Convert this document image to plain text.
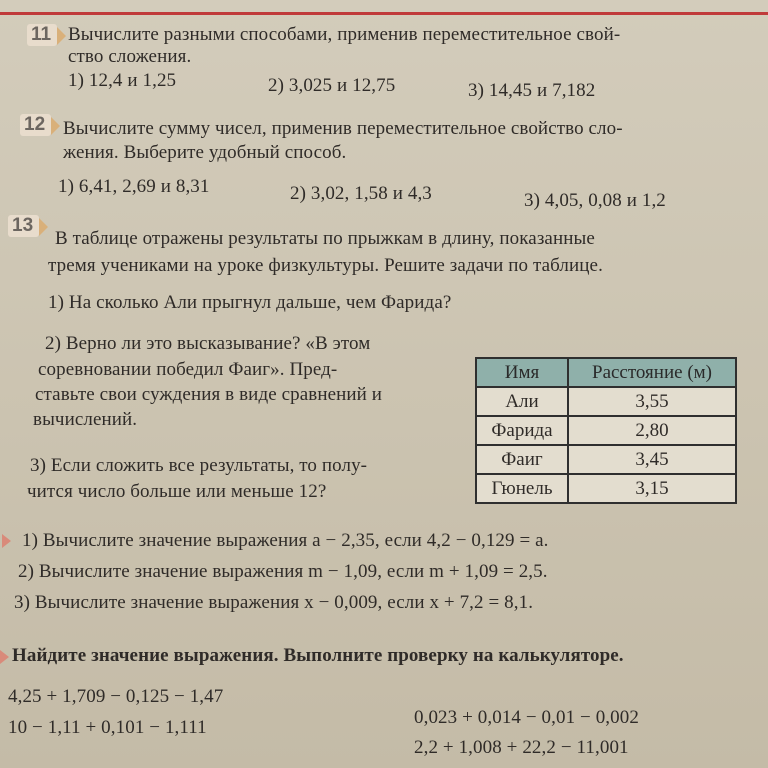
11 Вычислите разными способами, применив переместительное свой-
ство сложения.
1) 12,4 и 1,25	2) 3,025 и 12,75	3) 14,45 и 7,182
12 Вычислите сумму чисел, применив переместительное свойство сло-
жения. Выберите удобный способ.
1) 6,41, 2,69 и 8,31	2) 3,02, 1,58 и 4,3	3) 4,05, 0,08 и 1,2
13
В таблице отражены результаты по прыжкам в длину, показанные
тремя учениками на уроке физкультуры. Решите задачи по таблице.
1) На сколько Али прыгнул дальше, чем Фарида?
2) Верно ли это высказывание? «В этом
соревновании победил Фаиг». Пред-
ставьте свои суждения в виде сравнений и
вычислений.
3) Если сложить все результаты, то полу-
чится число больше или меньше 12?
Имя	Расстояние (м)
Али	3,55
Фарида	2,80
Фаиг	3,45
Гюнель	3,15
1) Вычислите значение выражения a − 2,35, если 4,2 − 0,129 = a.
2) Вычислите значение выражения m − 1,09, если m + 1,09 = 2,5.
3) Вычислите значение выражения x − 0,009, если x + 7,2 = 8,1.
Найдите значение выражения. Выполните проверку на калькуляторе.
4,25 + 1,709 − 0,125 − 1,47
10 − 1,11 + 0,101 − 1,111	0,023 + 0,014 − 0,01 − 0,002
2,2 + 1,008 + 22,2 − 11,001
